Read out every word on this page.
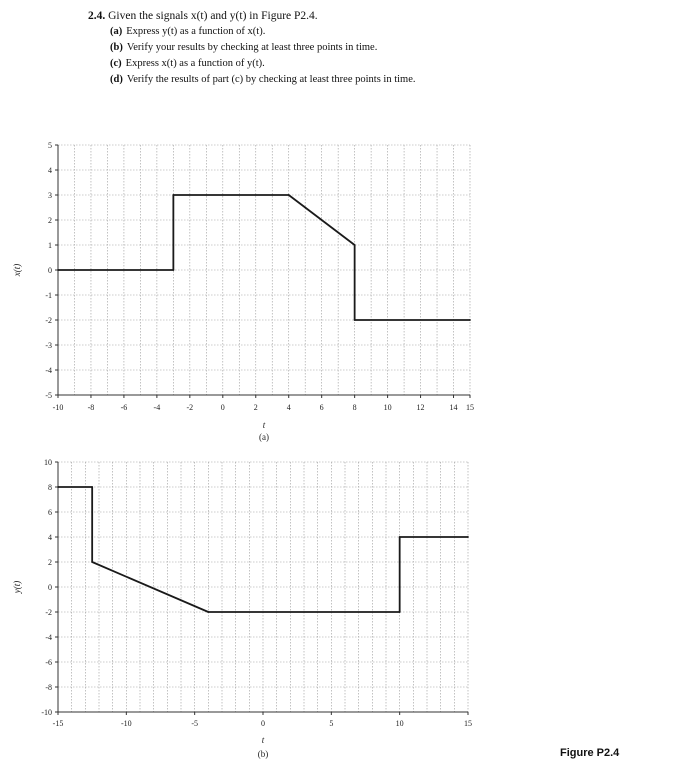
2.4. Given the signals x(t) and y(t) in Figure P2.4.
(a) Express y(t) as a function of x(t).
(b) Verify your results by checking at least three points in time.
(c) Express x(t) as a function of y(t).
(d) Verify the results of part (c) by checking at least three points in time.
-5
-4
-3
-2
-1
0
1
2
3
4
5
-10	-8	-6	-4	-2	0	2	4	6	8	10	12	14 15
t
x(t)
(a)
-10
-8
-6
-4
-2
0
2
4
6
8
10
-15	-10	-5	0	5	10	15
t
y(t)
(b)	Figure P2.4
